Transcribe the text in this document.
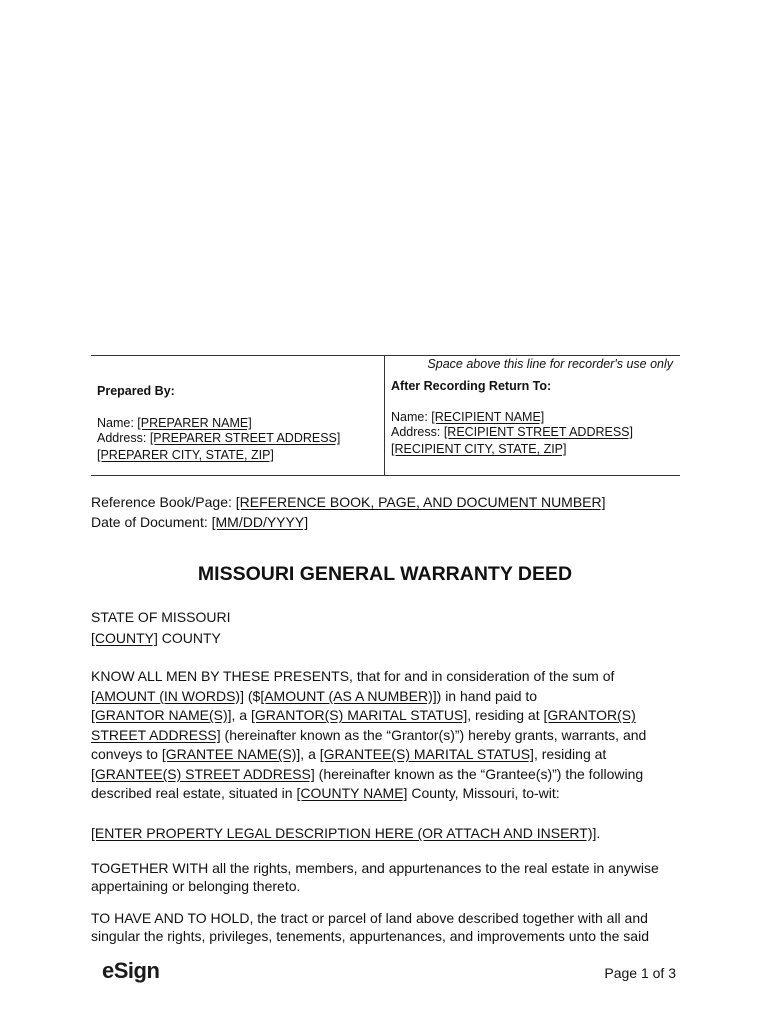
Space above this line for recorder's use only
Prepared By:
Name: [PREPARER NAME]
Address: [PREPARER STREET ADDRESS]
[PREPARER CITY, STATE, ZIP]
After Recording Return To:
Name: [RECIPIENT NAME]
Address: [RECIPIENT STREET ADDRESS]
[RECIPIENT CITY, STATE, ZIP]
Reference Book/Page: [REFERENCE BOOK, PAGE, AND DOCUMENT NUMBER]
Date of Document: [MM/DD/YYYY]
MISSOURI GENERAL WARRANTY DEED
STATE OF MISSOURI
[COUNTY] COUNTY
KNOW ALL MEN BY THESE PRESENTS, that for and in consideration of the sum of
[AMOUNT (IN WORDS)] ($[AMOUNT (AS A NUMBER)]) in hand paid to
[GRANTOR NAME(S)], a [GRANTOR(S) MARITAL STATUS], residing at [GRANTOR(S)
STREET ADDRESS] (hereinafter known as the “Grantor(s)”) hereby grants, warrants, and
conveys to [GRANTEE NAME(S)], a [GRANTEE(S) MARITAL STATUS], residing at
[GRANTEE(S) STREET ADDRESS] (hereinafter known as the “Grantee(s)”) the following
described real estate, situated in [COUNTY NAME] County, Missouri, to-wit:
[ENTER PROPERTY LEGAL DESCRIPTION HERE (OR ATTACH AND INSERT)].
TOGETHER WITH all the rights, members, and appurtenances to the real estate in anywise
appertaining or belonging thereto.
TO HAVE AND TO HOLD, the tract or parcel of land above described together with all and
singular the rights, privileges, tenements, appurtenances, and improvements unto the said
eSign	Page 1 of 3
